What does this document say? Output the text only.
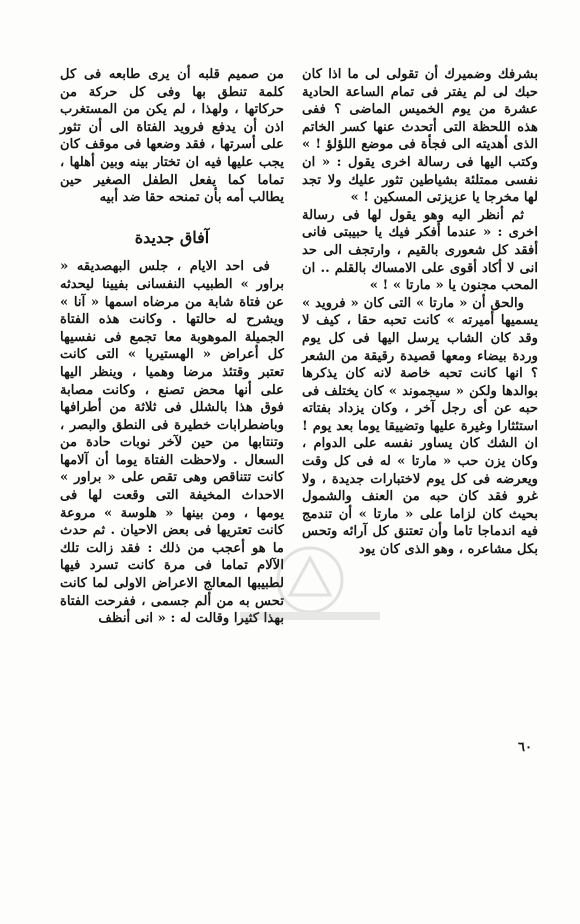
بشرفك وضميرك أن تقولى لى ما اذا كان حبك لى لم يفتر فى تمام الساعة الحادية عشرة من يوم الخميس الماضى ؟ ففى هذه اللحظة التى أتحدث عنها كسر الخاتم الذى أهديته الى فجأة فى موضع اللؤلؤ ! » وكتب اليها فى رسالة اخرى يقول : « ان نفسى ممتلئة بشياطين تثور عليك ولا تجد لها مخرجا يا عزيزتى المسكين ! »

ثم أنظر اليه وهو يقول لها فى رسالة اخرى : « عندما أفكر فيك يا حبيبتى فانى أفقد كل شعورى بالقيم ، وارتجف الى حد انى لا أكاد أقوى على الامساك بالقلم .. ان المحب مجنون يا « مارتا » ! »

والحق أن « مارتا » التى كان « فرويد » يسميها أميرته » كانت تحبه حقا ، كيف لا وقد كان الشاب يرسل اليها فى كل يوم وردة بيضاء ومعها قصيدة رقيقة من الشعر ؟ انها كانت تحبه خاصة لانه كان يذكرها بوالدها ولكن « سيجموند » كان يختلف فى حبه عن أى رجل آخر ، وكان يزداد بفتاته استئثارا وغيرة عليها وتضييقا يوما بعد يوم ! ان الشك كان يساور نفسه على الدوام ، وكان يزن حب « مارتا » له فى كل وقت ويعرضه فى كل يوم لاختبارات جديدة ، ولا غرو فقد كان حبه من العنف والشمول بحيث كان لزاما على « مارتا » أن تندمج فيه اندماجا تاما وأن تعتنق كل آرائه وتحس بكل مشاعره ، وهو الذى كان يود

من صميم قلبه أن يرى طابعه فى كل كلمة تنطق بها وفى كل حركة من حركاتها ، ولهذا ، لم يكن من المستغرب اذن أن يدفع فرويد الفتاة الى أن تثور على أسرتها ، فقد وضعها فى موقف كان يجب عليها فيه ان تختار بينه وبين أهلها ، تماما كما يفعل الطفل الصغير حين يطالب أمه بأن تمنحه حقا ضد أبيه

آفاق جديدة

فى احد الايام ، جلس البهصديقه « براور » الطبيب النفسانى بفيينا ليحدثه عن فتاة شابة من مرضاه اسمها « آنا » ويشرح له حالتها . وكانت هذه الفتاة الجميلة الموهوبة معا تجمع فى نفسيها كل أعراض « الهستيريا » التى كانت تعتبر وقتئذ مرضا وهميا ، وينظر اليها على أنها محض تصنع ، وكانت مصابة فوق هذا بالشلل فى ثلاثة من أطرافها وباضطرابات خطيرة فى النطق والبصر ، وتنتابها من حين لآخر نوبات حادة من السعال . ولاحظت الفتاة يوما أن آلامها كانت تتناقص وهى تقص على « براور » الاحداث المخيفة التى وقعت لها فى يومها ، ومن بينها « هلوسة » مروعة كانت تعتريها فى بعض الاحيان . ثم حدث ما هو أعجب من ذلك : فقد زالت تلك الآلام تماما فى مرة كانت تسرد فيها لطبيبها المعالج الاعراض الاولى لما كانت تحس به من ألم جسمى ، ففرحت الفتاة بهذا كثيرا وقالت له : « انى أنظف

٦٠
